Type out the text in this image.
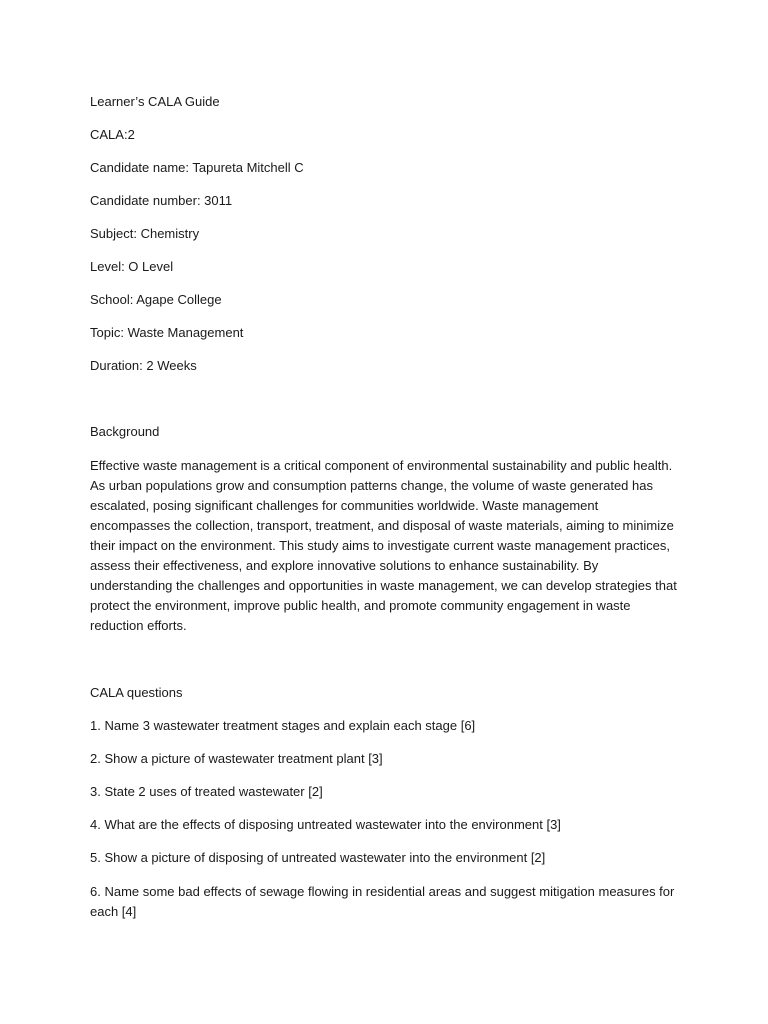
Learner’s CALA Guide
CALA:2
Candidate name: Tapureta Mitchell C
Candidate number: 3011
Subject: Chemistry
Level: O Level
School: Agape College
Topic: Waste Management
Duration: 2 Weeks
Background
Effective waste management is a critical component of environmental sustainability and public health. As urban populations grow and consumption patterns change, the volume of waste generated has escalated, posing significant challenges for communities worldwide. Waste management encompasses the collection, transport, treatment, and disposal of waste materials, aiming to minimize their impact on the environment. This study aims to investigate current waste management practices, assess their effectiveness, and explore innovative solutions to enhance sustainability. By understanding the challenges and opportunities in waste management, we can develop strategies that protect the environment, improve public health, and promote community engagement in waste reduction efforts.
CALA questions
1. Name 3 wastewater treatment stages and explain each stage [6]
2. Show a picture of wastewater treatment plant [3]
3. State 2 uses of treated wastewater [2]
4. What are the effects of disposing untreated wastewater into the environment [3]
5. Show a picture of disposing of untreated wastewater into the environment [2]
6. Name some bad effects of sewage flowing in residential areas and suggest mitigation measures for each [4]
